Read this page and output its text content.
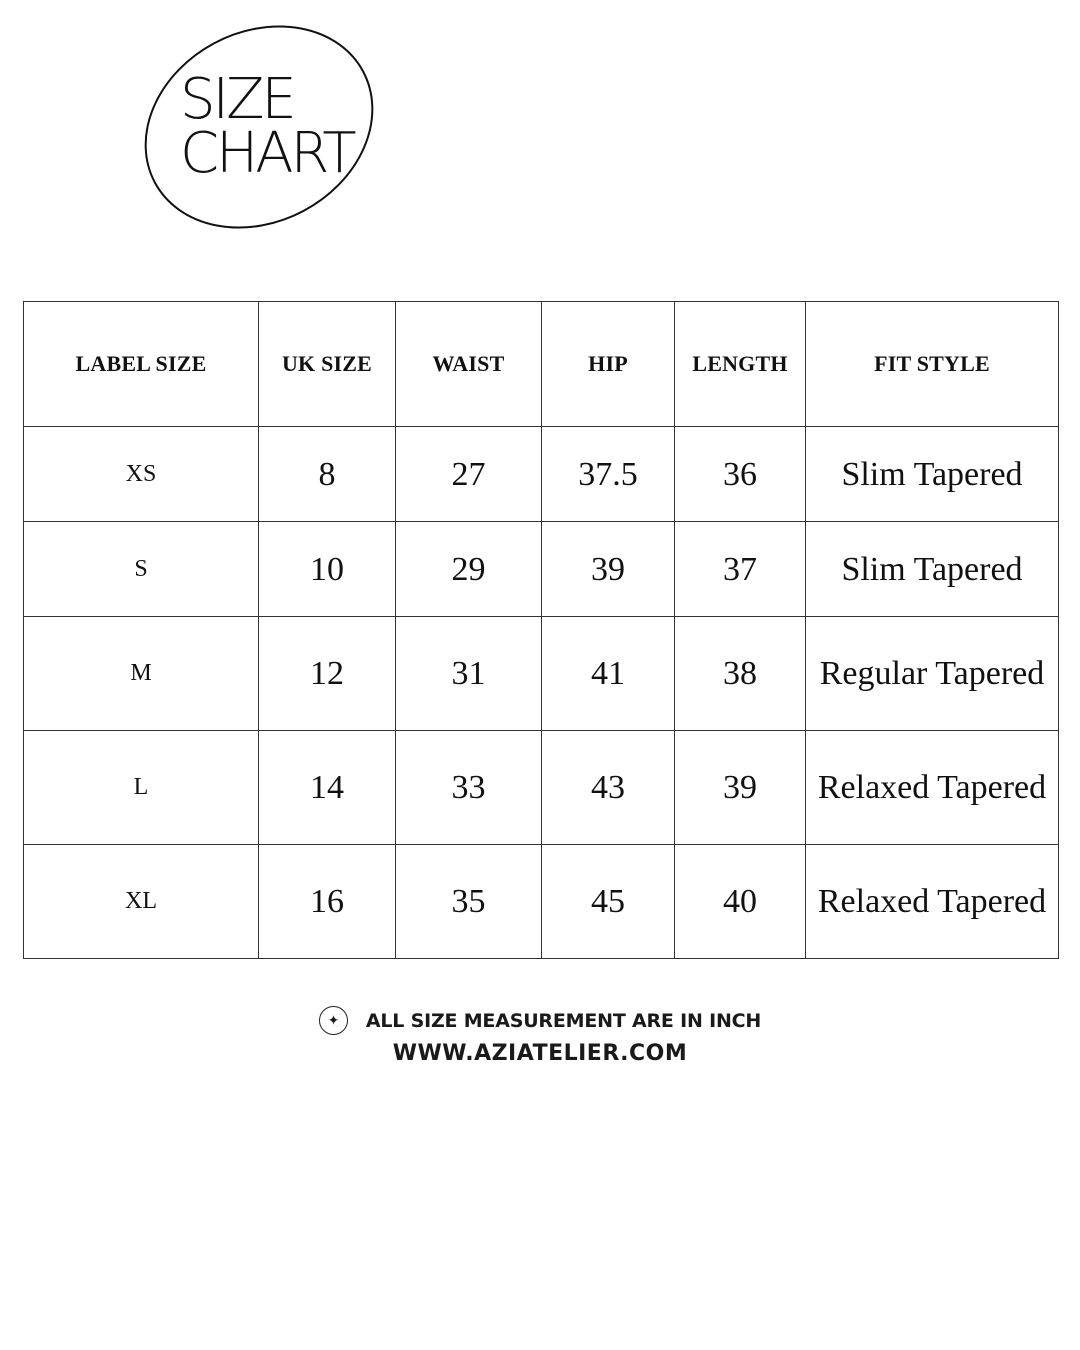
SIZE
CHART
LABEL SIZE	UK SIZE	WAIST	HIP	LENGTH	FIT STYLE
XS	8	27	37.5	36	Slim Tapered
S	10	29	39	37	Slim Tapered
M	12	31	41	38	Regular Tapered
L	14	33	43	39	Relaxed Tapered
XL	16	35	45	40	Relaxed Tapered
✦	ALL SIZE MEASUREMENT ARE IN INCH
WWW.AZIATELIER.COM
